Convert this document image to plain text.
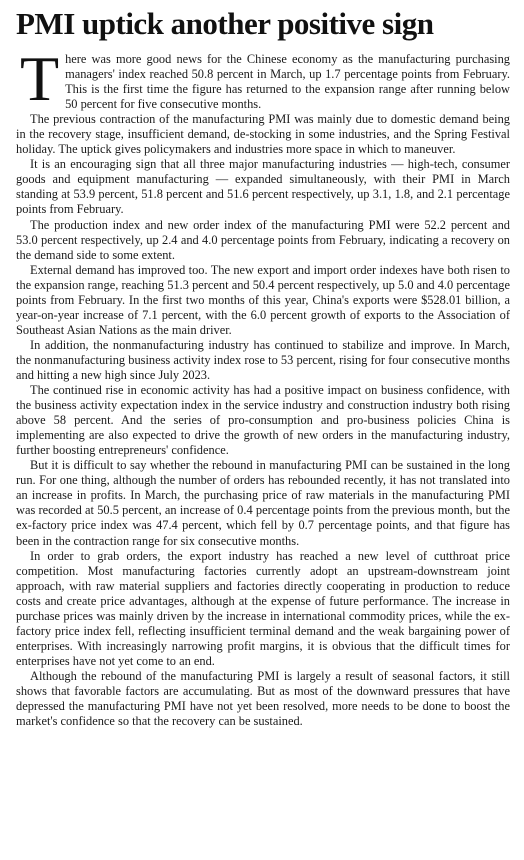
PMI uptick another positive sign

There was more good news for the Chinese economy as the manufacturing purchasing managers' index reached 50.8 percent in March, up 1.7 percentage points from February. This is the first time the figure has returned to the expansion range after running below 50 percent for five consecutive months.

The previous contraction of the manufacturing PMI was mainly due to domestic demand being in the recovery stage, insufficient demand, de-stocking in some industries, and the Spring Festival holiday. The uptick gives policymakers and industries more space in which to maneuver.

It is an encouraging sign that all three major manufacturing industries — high-tech, consumer goods and equipment manufacturing — expanded simultaneously, with their PMI in March standing at 53.9 percent, 51.8 percent and 51.6 percent respectively, up 3.1, 1.8, and 2.1 percentage points from February.

The production index and new order index of the manufacturing PMI were 52.2 percent and 53.0 percent respectively, up 2.4 and 4.0 percentage points from February, indicating a recovery on the demand side to some extent.

External demand has improved too. The new export and import order indexes have both risen to the expansion range, reaching 51.3 percent and 50.4 percent respectively, up 5.0 and 4.0 percentage points from February. In the first two months of this year, China's exports were $528.01 billion, a year-on-year increase of 7.1 percent, with the 6.0 percent growth of exports to the Association of Southeast Asian Nations as the main driver.

In addition, the nonmanufacturing industry has continued to stabilize and improve. In March, the nonmanufacturing business activity index rose to 53 percent, rising for four consecutive months and hitting a new high since July 2023.

The continued rise in economic activity has had a positive impact on business confidence, with the business activity expectation index in the service industry and construction industry both rising above 58 percent. And the series of pro-consumption and pro-business policies China is implementing are also expected to drive the growth of new orders in the manufacturing industry, further boosting entrepreneurs' confidence.

But it is difficult to say whether the rebound in manufacturing PMI can be sustained in the long run. For one thing, although the number of orders has rebounded recently, it has not translated into an increase in profits. In March, the purchasing price of raw materials in the manufacturing PMI was recorded at 50.5 percent, an increase of 0.4 percentage points from the previous month, but the ex-factory price index was 47.4 percent, which fell by 0.7 percentage points, and that figure has been in the contraction range for six consecutive months.

In order to grab orders, the export industry has reached a new level of cutthroat price competition. Most manufacturing factories currently adopt an upstream-downstream joint approach, with raw material suppliers and factories directly cooperating in production to reduce costs and create price advantages, although at the expense of future performance. The increase in purchase prices was mainly driven by the increase in international commodity prices, while the ex-factory price index fell, reflecting insufficient terminal demand and the weak bargaining power of enterprises. With increasingly narrowing profit margins, it is obvious that the difficult times for enterprises have not yet come to an end.

Although the rebound of the manufacturing PMI is largely a result of seasonal factors, it still shows that favorable factors are accumulating. But as most of the downward pressures that have depressed the manufacturing PMI have not yet been resolved, more needs to be done to boost the market's confidence so that the recovery can be sustained.
